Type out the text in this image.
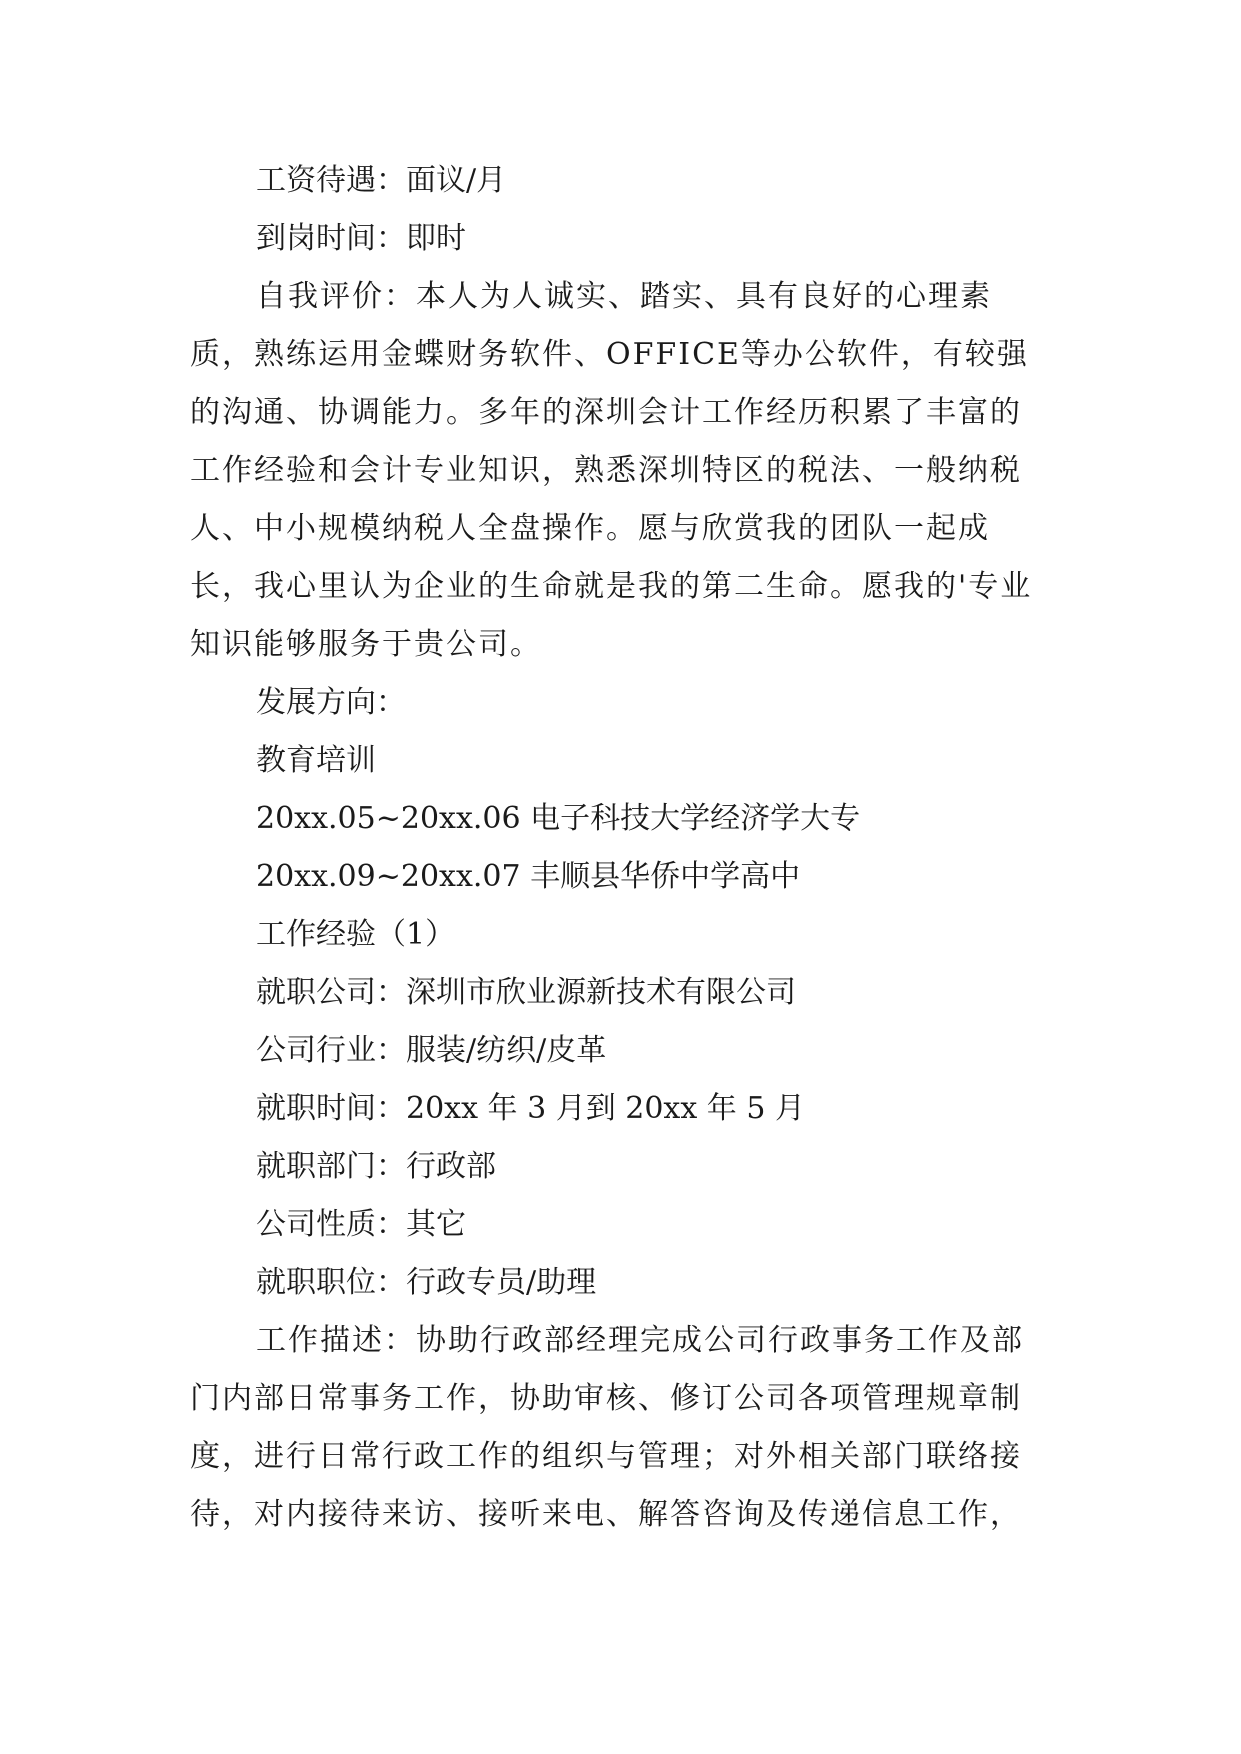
工资待遇：面议/月

到岗时间：即时

自我评价：本人为人诚实、踏实、具有良好的心理素质，熟练运用金蝶财务软件、OFFICE等办公软件，有较强的沟通、协调能力。多年的深圳会计工作经历积累了丰富的工作经验和会计专业知识，熟悉深圳特区的税法、一般纳税人、中小规模纳税人全盘操作。愿与欣赏我的团队一起成长，我心里认为企业的生命就是我的第二生命。愿我的'专业知识能够服务于贵公司。

发展方向：

教育培训

20xx.05~20xx.06 电子科技大学经济学大专

20xx.09~20xx.07 丰顺县华侨中学高中

工作经验（1）

就职公司：深圳市欣业源新技术有限公司

公司行业：服装/纺织/皮革

就职时间：20xx 年 3 月到 20xx 年 5 月

就职部门：行政部

公司性质：其它

就职职位：行政专员/助理

工作描述：协助行政部经理完成公司行政事务工作及部门内部日常事务工作，协助审核、修订公司各项管理规章制度，进行日常行政工作的组织与管理；对外相关部门联络接待，对内接待来访、接听来电、解答咨询及传递信息工作，
